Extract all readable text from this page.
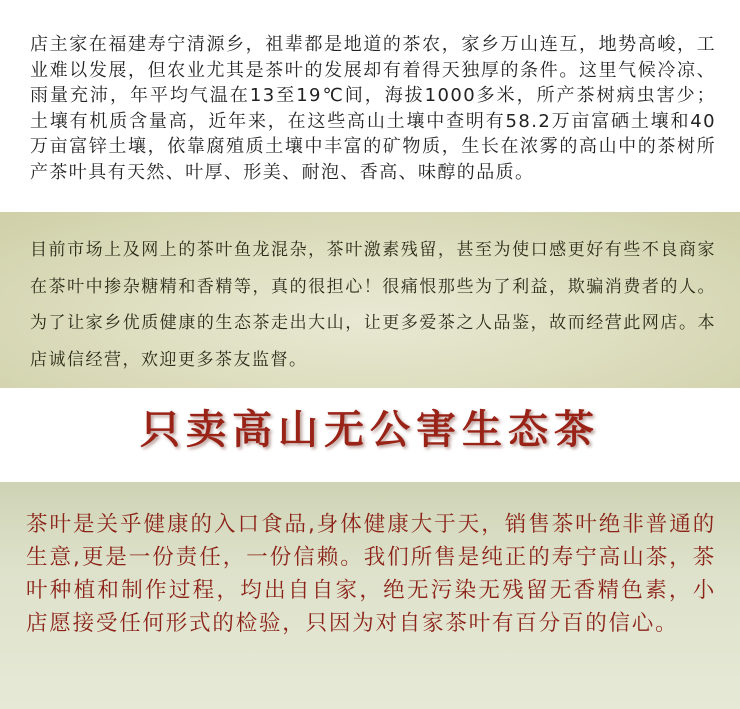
店主家在福建寿宁清源乡，祖辈都是地道的茶农，家乡万山连互，地势高峻，工业难以发展，但农业尤其是茶叶的发展却有着得天独厚的条件。这里气候冷凉、雨量充沛，年平均气温在13至19℃间，海拔1000多米，所产茶树病虫害少；土壤有机质含量高，近年来，在这些高山土壤中查明有58.2万亩富硒土壤和40万亩富锌土壤，依靠腐殖质土壤中丰富的矿物质，生长在浓雾的高山中的茶树所产茶叶具有天然、叶厚、形美、耐泡、香高、味醇的品质。

目前市场上及网上的茶叶鱼龙混杂，茶叶激素残留，甚至为使口感更好有些不良商家在茶叶中掺杂糖精和香精等，真的很担心！很痛恨那些为了利益，欺骗消费者的人。为了让家乡优质健康的生态茶走出大山，让更多爱茶之人品鉴，故而经营此网店。本店诚信经营，欢迎更多茶友监督。

只卖高山无公害生态茶

茶叶是关乎健康的入口食品,身体健康大于天，销售茶叶绝非普通的生意,更是一份责任，一份信赖。我们所售是纯正的寿宁高山茶，茶叶种植和制作过程，均出自自家，绝无污染无残留无香精色素，小店愿接受任何形式的检验，只因为对自家茶叶有百分百的信心。
